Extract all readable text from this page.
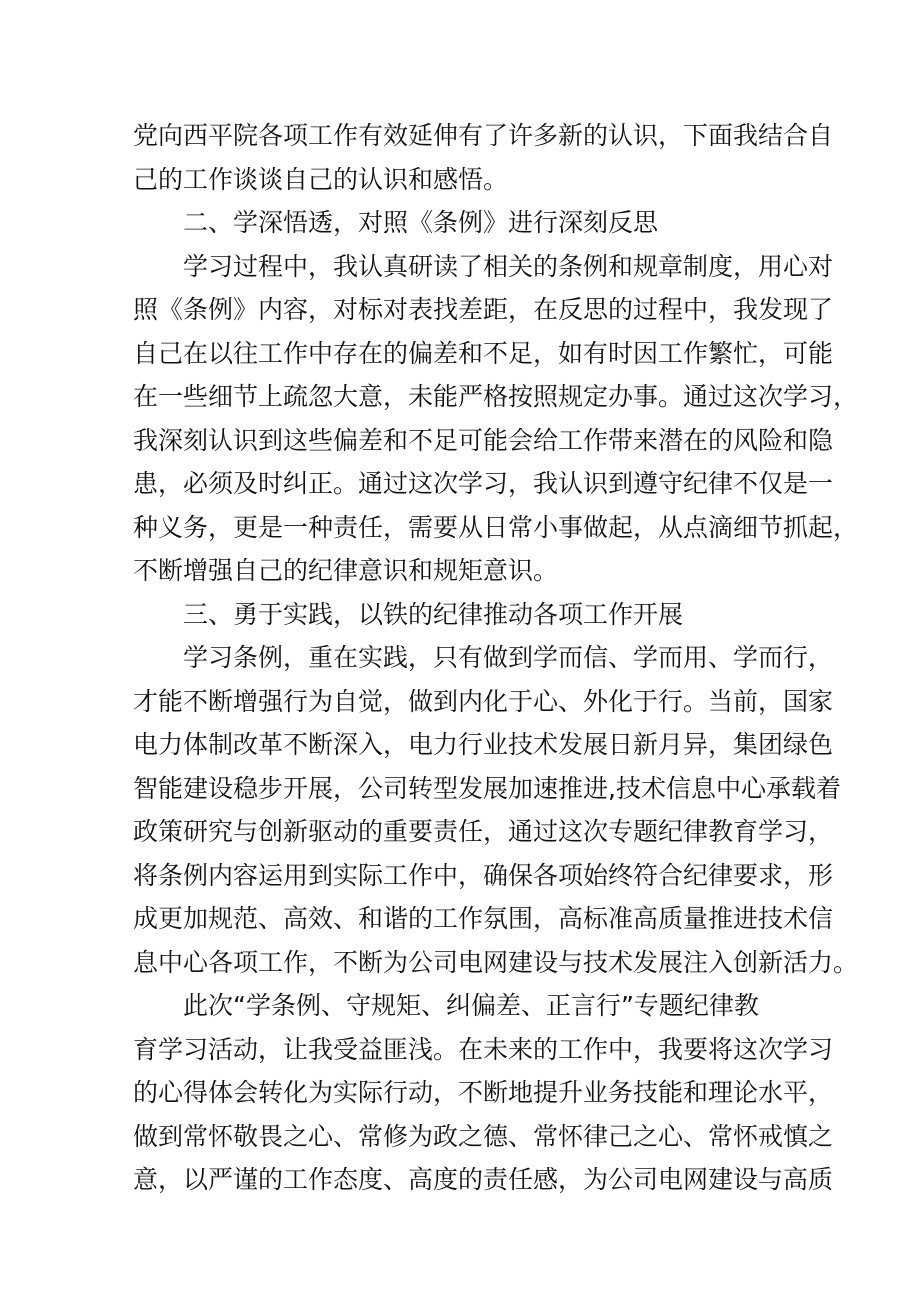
党向西平院各项工作有效延伸有了许多新的认识，下面我结合自
己的工作谈谈自己的认识和感悟。
二、学深悟透，对照《条例》进行深刻反思
学习过程中，我认真研读了相关的条例和规章制度，用心对
照《条例》内容，对标对表找差距，在反思的过程中，我发现了
自己在以往工作中存在的偏差和不足，如有时因工作繁忙，可能
在一些细节上疏忽大意，未能严格按照规定办事。通过这次学习，
我深刻认识到这些偏差和不足可能会给工作带来潜在的风险和隐
患，必须及时纠正。通过这次学习，我认识到遵守纪律不仅是一
种义务，更是一种责任，需要从日常小事做起，从点滴细节抓起，
不断增强自己的纪律意识和规矩意识。
三、勇于实践，以铁的纪律推动各项工作开展
学习条例，重在实践，只有做到学而信、学而用、学而行，
才能不断增强行为自觉，做到内化于心、外化于行。当前，国家
电力体制改革不断深入，电力行业技术发展日新月异，集团绿色
智能建设稳步开展，公司转型发展加速推进,技术信息中心承载着
政策研究与创新驱动的重要责任，通过这次专题纪律教育学习，
将条例内容运用到实际工作中，确保各项始终符合纪律要求，形
成更加规范、高效、和谐的工作氛围，高标准高质量推进技术信
息中心各项工作，不断为公司电网建设与技术发展注入创新活力。
此次“学条例、守规矩、纠偏差、正言行”专题纪律教
育学习活动，让我受益匪浅。在未来的工作中，我要将这次学习
的心得体会转化为实际行动，不断地提升业务技能和理论水平，
做到常怀敬畏之心、常修为政之德、常怀律己之心、常怀戒慎之
意，以严谨的工作态度、高度的责任感，为公司电网建设与高质
